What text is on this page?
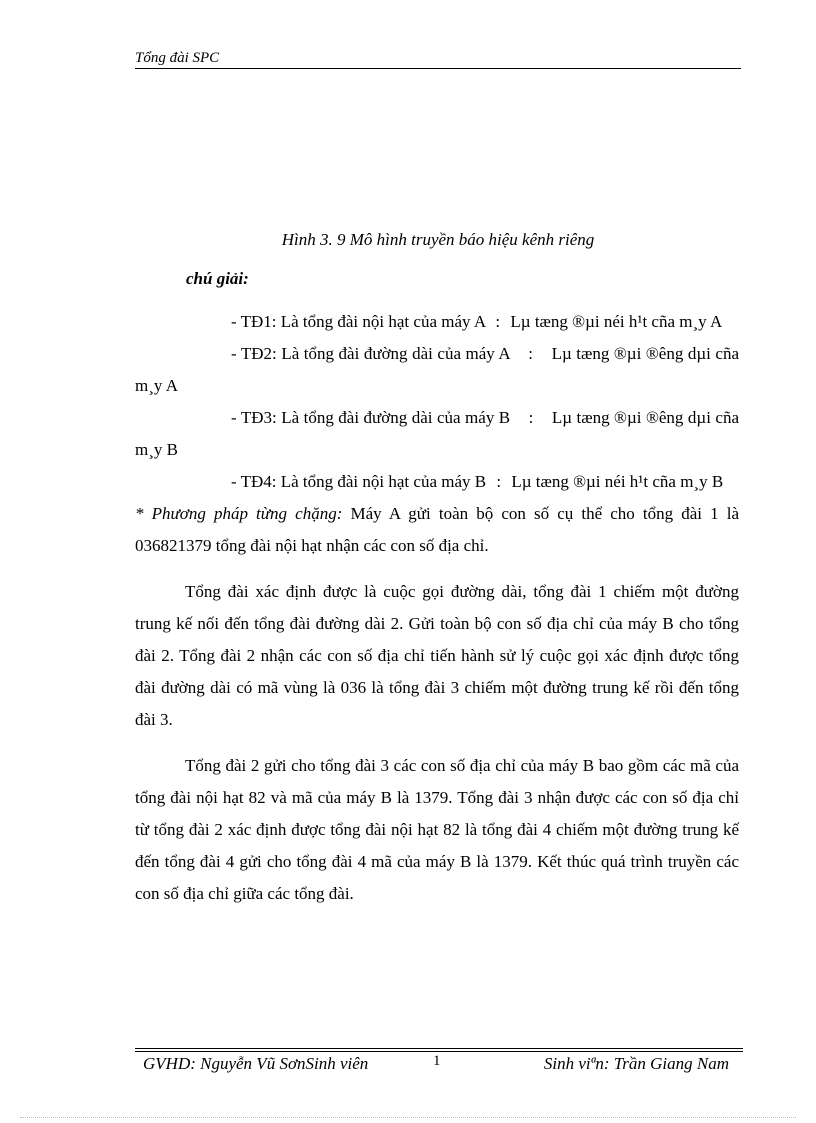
Tổng đài SPC
Hình 3. 9 Mô hình truyền báo hiệu kênh riêng
chú giải:

- TĐ1: Là tổng đài nội hạt của máy A : Lµ tæng ®µi néi h¹t cña m¸y A

- TĐ2: Là tổng đài đường dài của máy A : Lµ tæng ®µi ®êng dµi cña m¸y A

- TĐ3: Là tổng đài đường dài của máy B : Lµ tæng ®µi ®êng dµi cña m¸y B

- TĐ4: Là tổng đài nội hạt của máy B : Lµ tæng ®µi néi h¹t cña m¸y B

* Phương pháp từng chặng: Máy A gửi toàn bộ con số cụ thể cho tổng đài 1 là 036821379 tổng đài nội hạt nhận các con số địa chỉ.

Tổng đài xác định được là cuộc gọi đường dài, tổng đài 1 chiếm một đường trung kế nối đến tổng đài đường dài 2. Gửi toàn bộ con số địa chỉ của máy B cho tổng đài 2. Tổng đài 2 nhận các con số địa chỉ tiến hành sử lý cuộc gọi xác định được tổng đài đường dài có mã vùng là 036 là tổng đài 3 chiếm một đường trung kế rồi đến tổng đài 3.

Tổng đài 2 gửi cho tổng đài 3 các con số địa chỉ của máy B bao gồm các mã của tổng đài nội hạt 82 và mã của máy B là 1379. Tổng đài 3 nhận được các con số địa chỉ từ tổng đài 2 xác định được tổng đài nội hạt 82 là tổng đài 4 chiếm một đường trung kế đến tổng đài 4 gửi cho tổng đài 4 mã của máy B là 1379. Kết thúc quá trình truyền các con số địa chỉ giữa các tổng đài.

GVHD: Nguyễn Vũ SơnSinh viên	1	Sinh viªn: Trần Giang Nam
